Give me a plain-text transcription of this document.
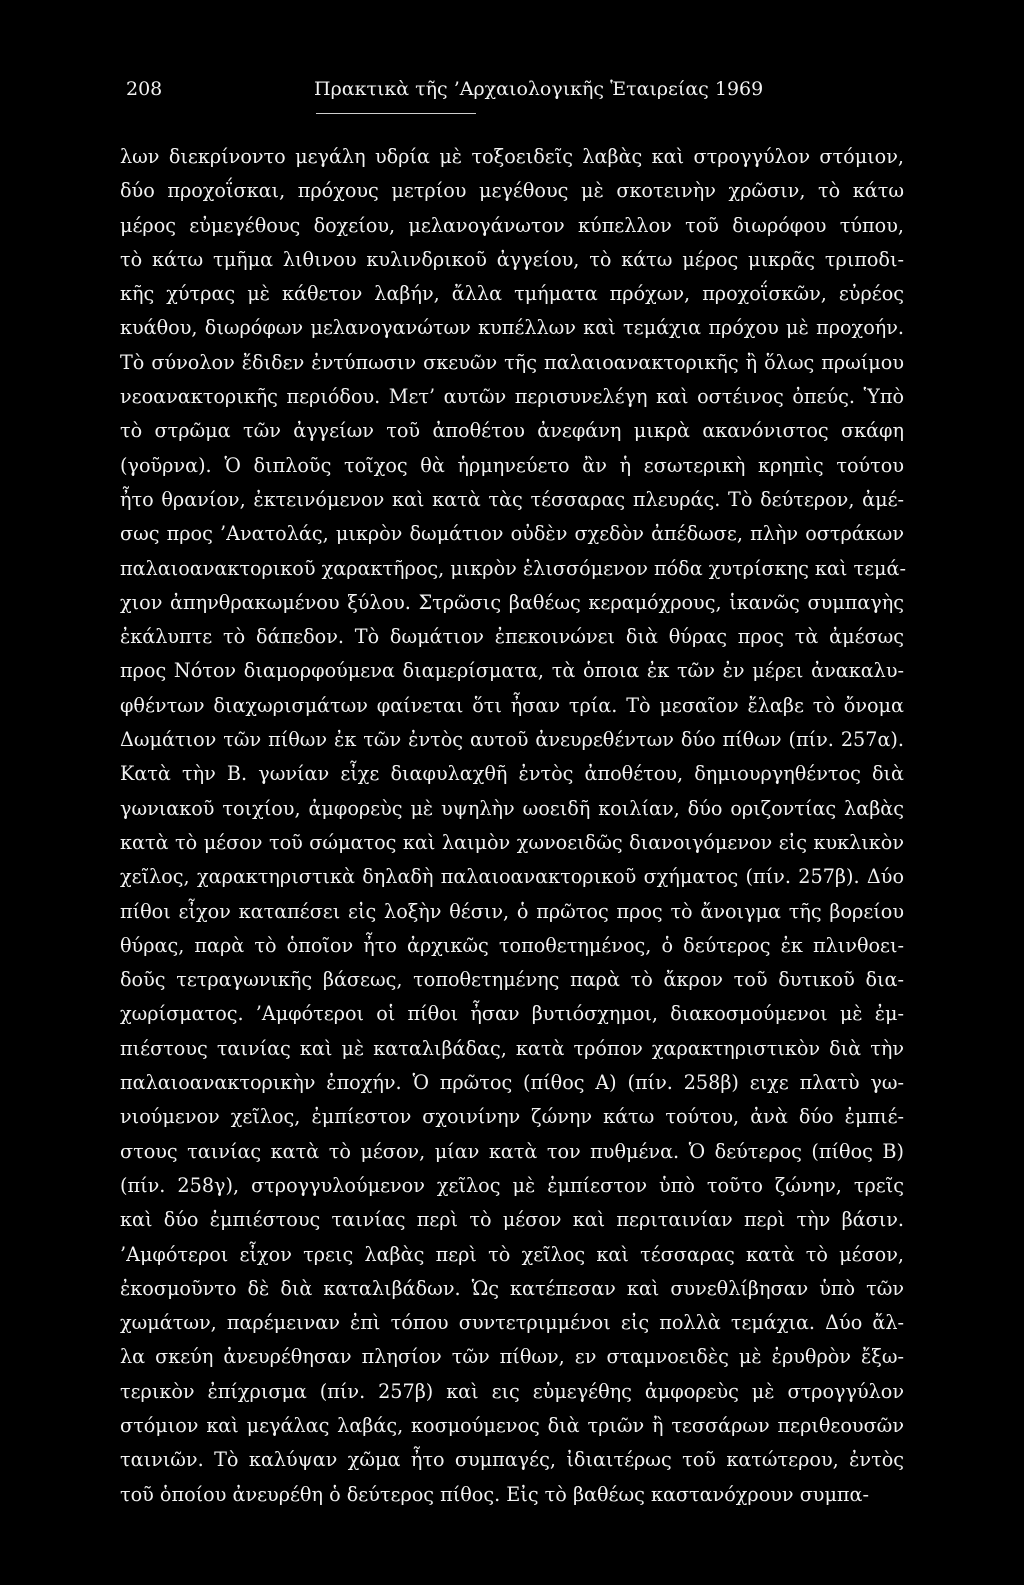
208	Πρακτικὰ τῆς ’Αρχαιολογικῆς Ἑταιρείας 1969
λων διεκρίνοντο μεγάλη υδρία μὲ τοξοειδεῖς λαβὰς καὶ στρογγύλον στόμιον,
δύο προχοΐσκαι, πρόχους μετρίου μεγέθους μὲ σκοτεινὴν χρῶσιν, τὸ κάτω
μέρος εὐμεγέθους δοχείου, μελανογάνωτον κύπελλον τοῦ διωρόφου τύπου,
τὸ κάτω τμῆμα λιθινου κυλινδρικοῦ ἀγγείου, τὸ κάτω μέρος μικρᾶς τριποδι-
κῆς χύτρας μὲ κάθετον λαβήν, ἄλλα τμήματα πρόχων, προχοΐσκῶν, εὐρέος
κυάθου, διωρόφων μελανογανώτων κυπέλλων καὶ τεμάχια πρόχου μὲ προχοήν.
Τὸ σύνολον ἔδιδεν ἐντύπωσιν σκευῶν τῆς παλαιοανακτορικῆς ἢ ὅλως πρωίμου
νεοανακτορικῆς περιόδου. Μετ’ αυτῶν περισυνελέγη καὶ οστέινος ὀπεύς. Ὑπὸ
τὸ στρῶμα τῶν ἀγγείων τοῦ ἀποθέτου ἀνεφάνη μικρὰ ακανόνιστος σκάφη
(γοῦρνα). Ὁ διπλοῦς τοῖχος θὰ ἡρμηνεύετο ἂν ἡ εσωτερικὴ κρηπὶς τούτου
ἦτο θρανίον, ἐκτεινόμενον καὶ κατὰ τὰς τέσσαρας πλευράς. Τὸ δεύτερον, ἀμέ-
σως προς ’Ανατολάς, μικρὸν δωμάτιον οὐδὲν σχεδὸν ἀπέδωσε, πλὴν οστράκων
παλαιοανακτορικοῦ χαρακτῆρος, μικρὸν ἑλισσόμενον πόδα χυτρίσκης καὶ τεμά-
χιον ἀπηνθρακωμένου ξύλου. Στρῶσις βαθέως κεραμόχρους, ἱκανῶς συμπαγὴς
ἐκάλυπτε τὸ δάπεδον. Τὸ δωμάτιον ἐπεκοινώνει διὰ θύρας προς τὰ ἀμέσως
προς Νότον διαμορφούμενα διαμερίσματα, τὰ ὁποια ἐκ τῶν ἐν μέρει ἀνακαλυ-
φθέντων διαχωρισμάτων φαίνεται ὅτι ἦσαν τρία. Τὸ μεσαῖον ἔλαβε τὸ ὄνομα
Δωμάτιον τῶν πίθων ἐκ τῶν ἐντὸς αυτοῦ ἀνευρεθέντων δύο πίθων (πίν. 257α).
Κατὰ τὴν Β. γωνίαν εἶχε διαφυλαχθῆ ἐντὸς ἀποθέτου, δημιουργηθέντος διὰ
γωνιακοῦ τοιχίου, ἀμφορεὺς μὲ υψηλὴν ωοειδῆ κοιλίαν, δύο οριζοντίας λαβὰς
κατὰ τὸ μέσον τοῦ σώματος καὶ λαιμὸν χωνοειδῶς διανοιγόμενον εἰς κυκλικὸν
χεῖλος, χαρακτηριστικὰ δηλαδὴ παλαιοανακτορικοῦ σχήματος (πίν. 257β). Δύο
πίθοι εἶχον καταπέσει εἰς λοξὴν θέσιν, ὁ πρῶτος προς τὸ ἄνοιγμα τῆς βορείου
θύρας, παρὰ τὸ ὁποῖον ἦτο ἀρχικῶς τοποθετημένος, ὁ δεύτερος ἐκ πλινθοει-
δοῦς τετραγωνικῆς βάσεως, τοποθετημένης παρὰ τὸ ἄκρον τοῦ δυτικοῦ δια-
χωρίσματος. ’Αμφότεροι οἱ πίθοι ἦσαν βυτιόσχημοι, διακοσμούμενοι μὲ ἐμ-
πιέστους ταινίας καὶ μὲ καταλιβάδας, κατὰ τρόπον χαρακτηριστικὸν διὰ τὴν
παλαιοανακτορικὴν ἐποχήν. Ὁ πρῶτος (πίθος Α) (πίν. 258β) ειχε πλατὺ γω-
νιούμενον χεῖλος, ἐμπίεστον σχοινίνην ζώνην κάτω τούτου, ἀνὰ δύο ἐμπιέ-
στους ταινίας κατὰ τὸ μέσον, μίαν κατὰ τον πυθμένα. Ὁ δεύτερος (πίθος Β)
(πίν. 258γ), στρογγυλούμενον χεῖλος μὲ ἐμπίεστον ὑπὸ τοῦτο ζώνην, τρεῖς
καὶ δύο ἐμπιέστους ταινίας περὶ τὸ μέσον καὶ περιταινίαν περὶ τὴν βάσιν.
’Αμφότεροι εἶχον τρεις λαβὰς περὶ τὸ χεῖλος καὶ τέσσαρας κατὰ τὸ μέσον,
ἐκοσμοῦντο δὲ διὰ καταλιβάδων. Ὡς κατέπεσαν καὶ συνεθλίβησαν ὑπὸ τῶν
χωμάτων, παρέμειναν ἐπὶ τόπου συντετριμμένοι εἰς πολλὰ τεμάχια. Δύο ἄλ-
λα σκεύη ἀνευρέθησαν πλησίον τῶν πίθων, εν σταμνοειδὲς μὲ ἐρυθρὸν ἔξω-
τερικὸν ἐπίχρισμα (πίν. 257β) καὶ εις εὐμεγέθης ἀμφορεὺς μὲ στρογγύλον
στόμιον καὶ μεγάλας λαβάς, κοσμούμενος διὰ τριῶν ἢ τεσσάρων περιθεουσῶν
ταινιῶν. Τὸ καλύψαν χῶμα ἦτο συμπαγές, ἰδιαιτέρως τοῦ κατώτερου, ἐντὸς
τοῦ ὁποίου ἀνευρέθη ὁ δεύτερος πίθος. Εἰς τὸ βαθέως καστανόχρουν συμπα-
